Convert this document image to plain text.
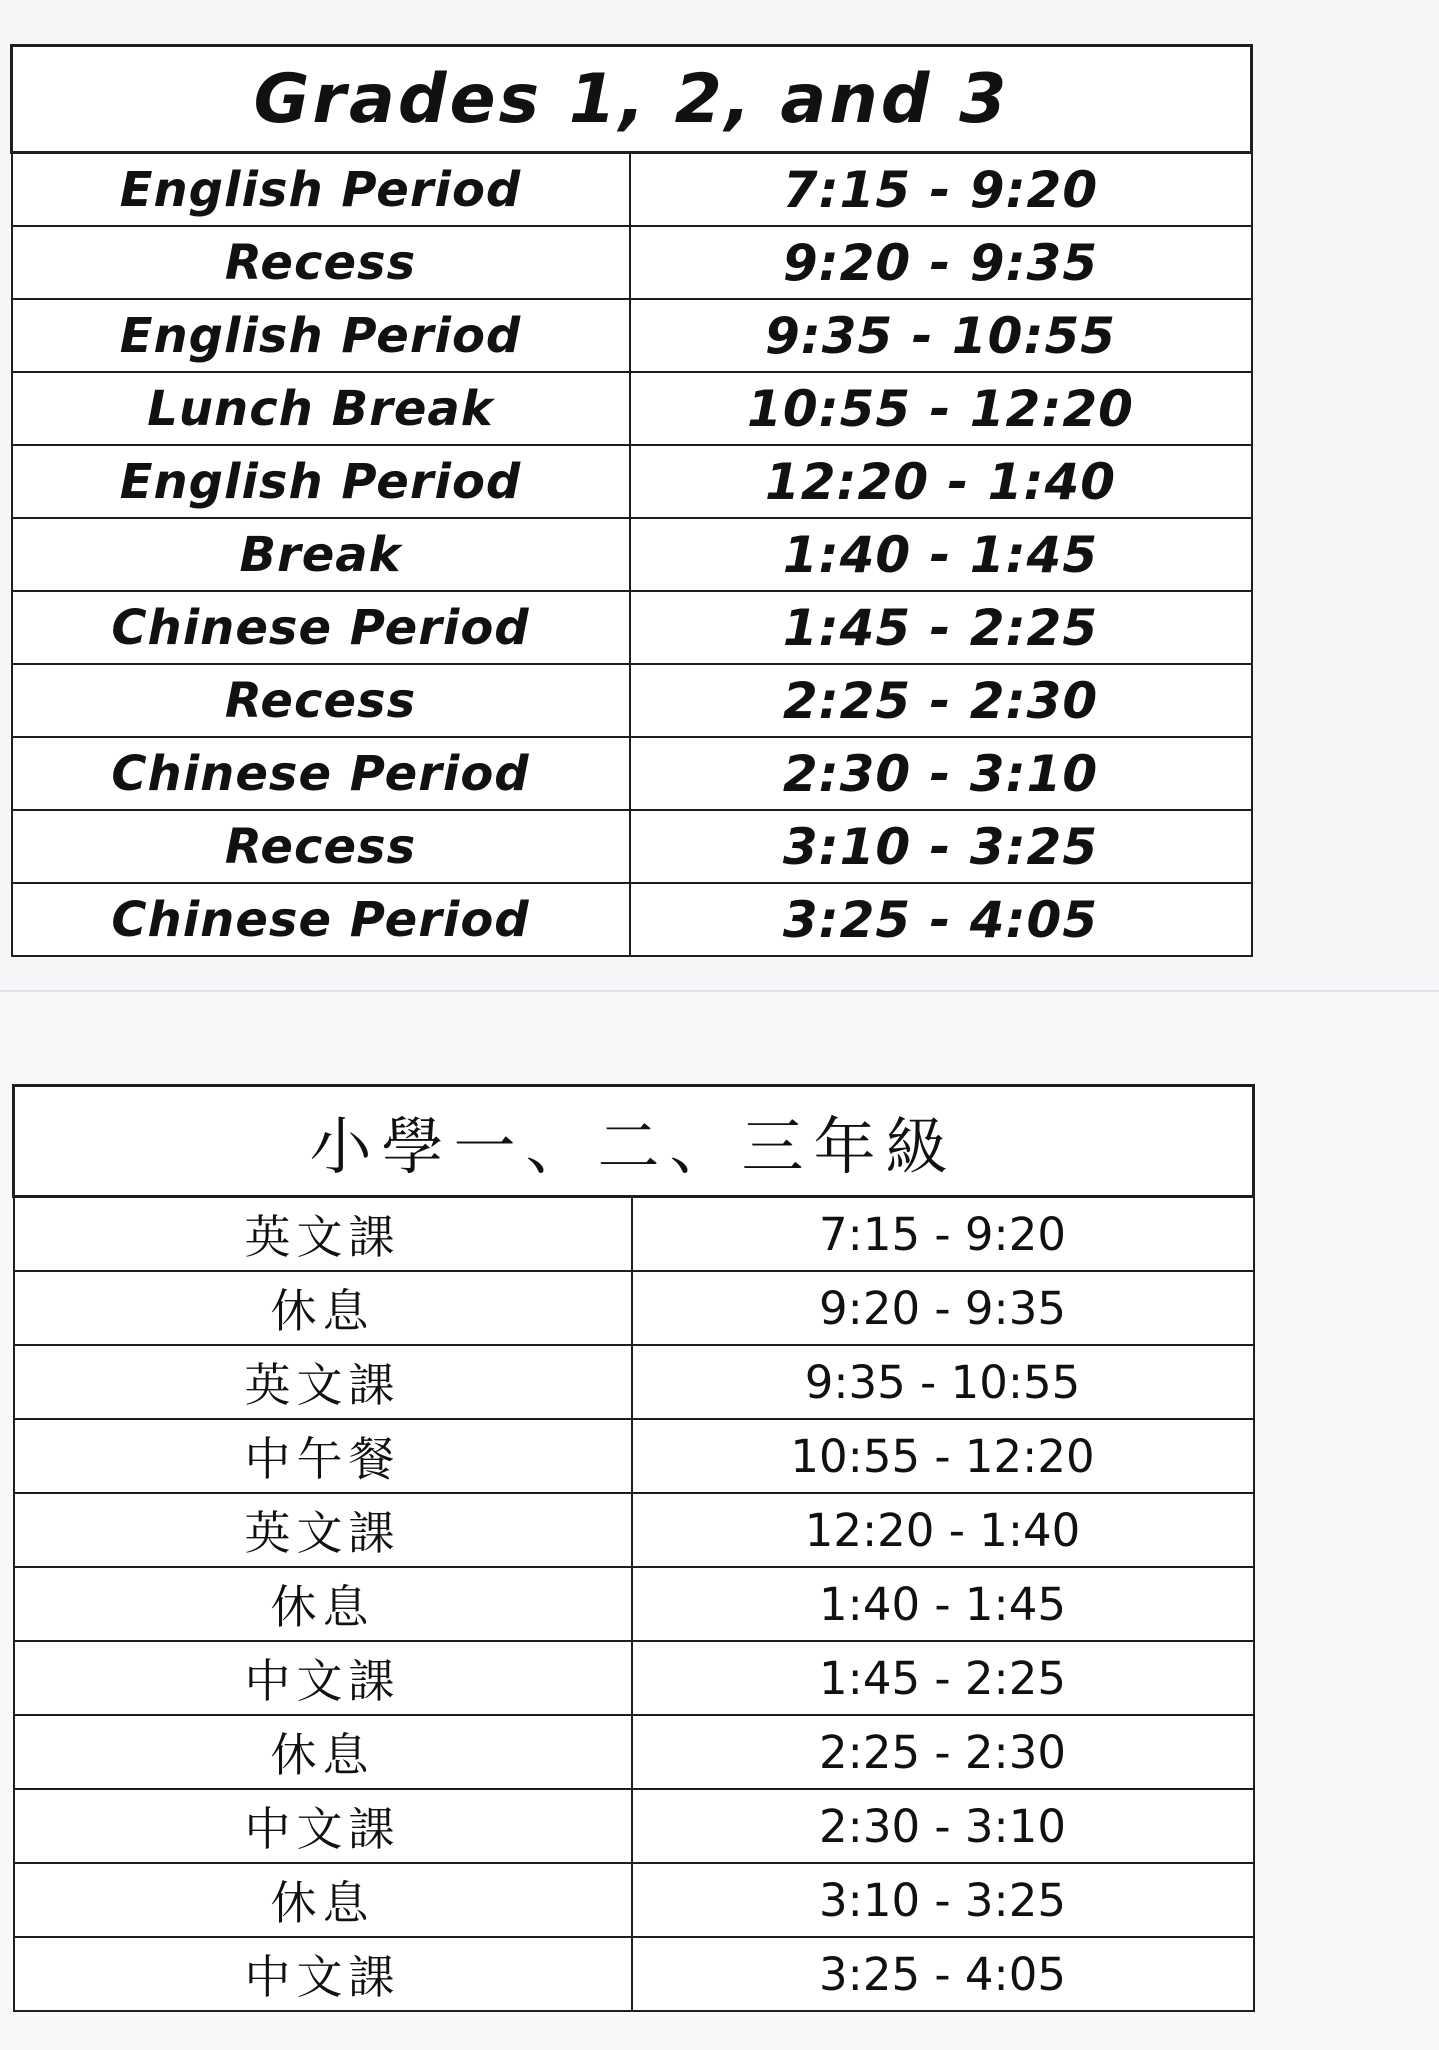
Grades 1, 2, and 3	
English Period	7:15 - 9:20
Recess	9:20 - 9:35
English Period	9:35 - 10:55
Lunch Break	10:55 - 12:20
English Period	12:20 - 1:40
Break	1:40 - 1:45
Chinese Period	1:45 - 2:25
Recess	2:25 - 2:30
Chinese Period	2:30 - 3:10
Recess	3:10 - 3:25
Chinese Period	3:25 - 4:05
小學一、二、三年級	
英文課	7:15 - 9:20
休息	9:20 - 9:35
英文課	9:35 - 10:55
中午餐	10:55 - 12:20
英文課	12:20 - 1:40
休息	1:40 - 1:45
中文課	1:45 - 2:25
休息	2:25 - 2:30
中文課	2:30 - 3:10
休息	3:10 - 3:25
中文課	3:25 - 4:05
